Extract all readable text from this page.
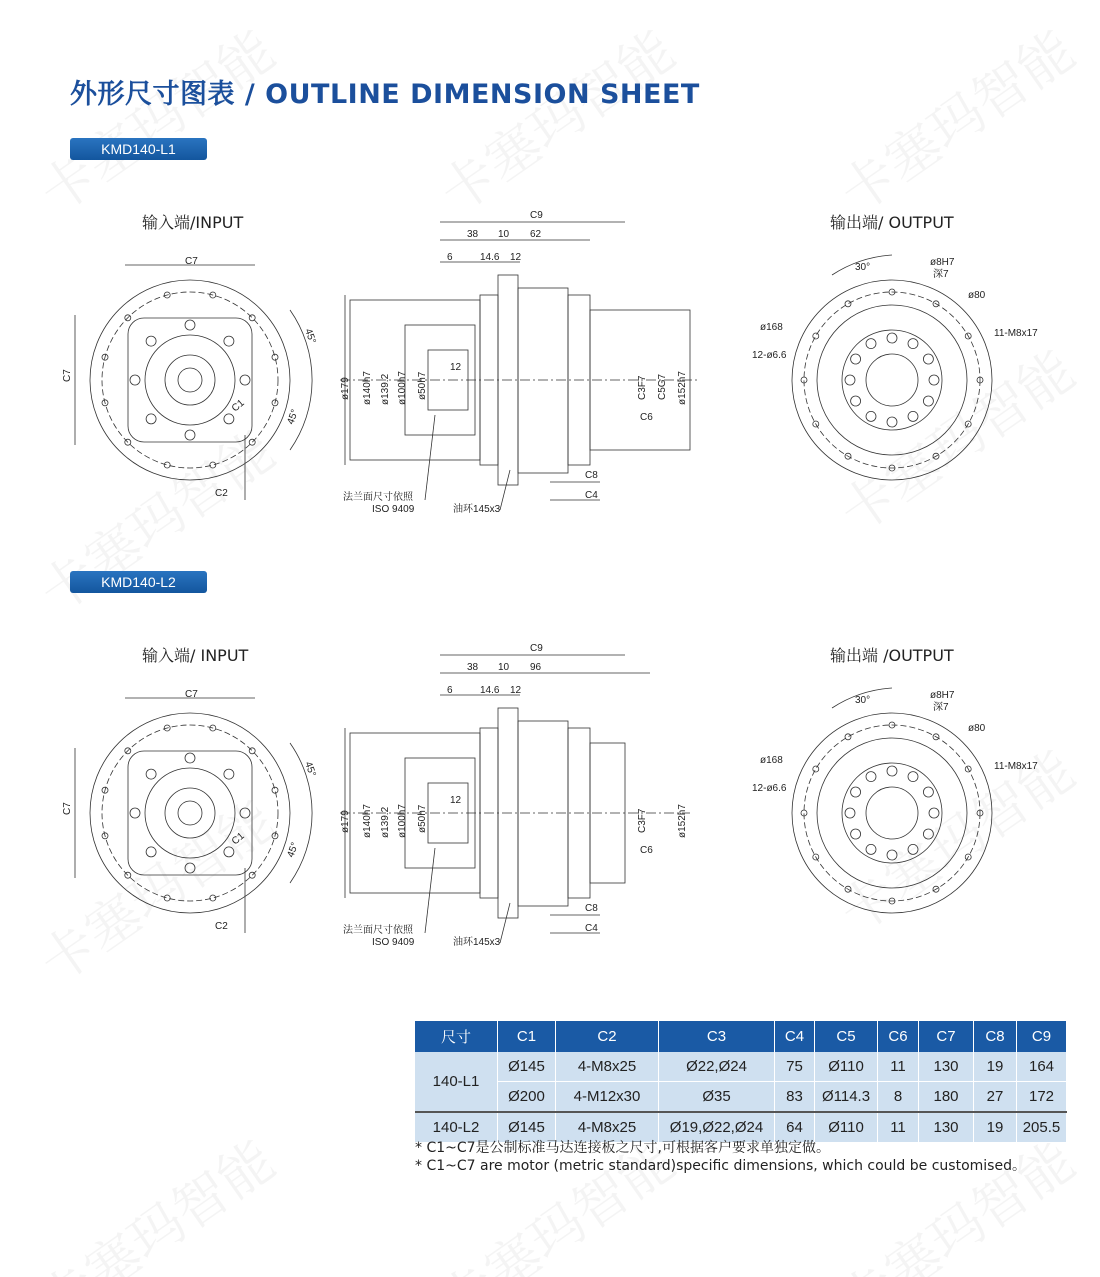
外形尺寸图表 / OUTLINE DIMENSION SHEET
KMD140-L1
KMD140-L2
输入端/INPUT
C7
C7
C1
C2
45°
45°
C9
38 10 62
6	14.6 12
ø179 ø140h7 ø139.2 ø100h7 ø50h7
12
C3F7 C5G7 ø152h7
C6
C8
C4
法兰面尺寸依照
ISO 9409	油环145x3
输出端/ OUTPUT
30°	ø8H7
深7
ø80
ø168
12-ø6.6
11-M8x17
输入端/ INPUT
C7
C7
C1
C2
45°
45°
C9
38 10 96
6	14.6 12
ø179 ø140h7 ø139.2 ø100h7 ø50h7
12
C3F7	ø152h7
C6
C8
C4
法兰面尺寸依照
ISO 9409	油环145x3
输出端 /OUTPUT
30°	ø8H7
深7
ø80
ø168
12-ø6.6
11-M8x17
尺寸	C1	C2	C3	C4	C5	C6	C7	C8	C9
140-L1	Ø145	4-M8x25	Ø22,Ø24	75	Ø110	11	130	19	164
	Ø200	4-M12x30	Ø35	83	Ø114.3	8	180	27	172
140-L2	Ø145	4-M8x25	Ø19,Ø22,Ø24	64	Ø110	11	130	19	205.5
* C1~C7是公制标准马达连接板之尺寸,可根据客户要求单独定做。
* C1~C7 are motor (metric standard)specific dimensions, which could be customised。
